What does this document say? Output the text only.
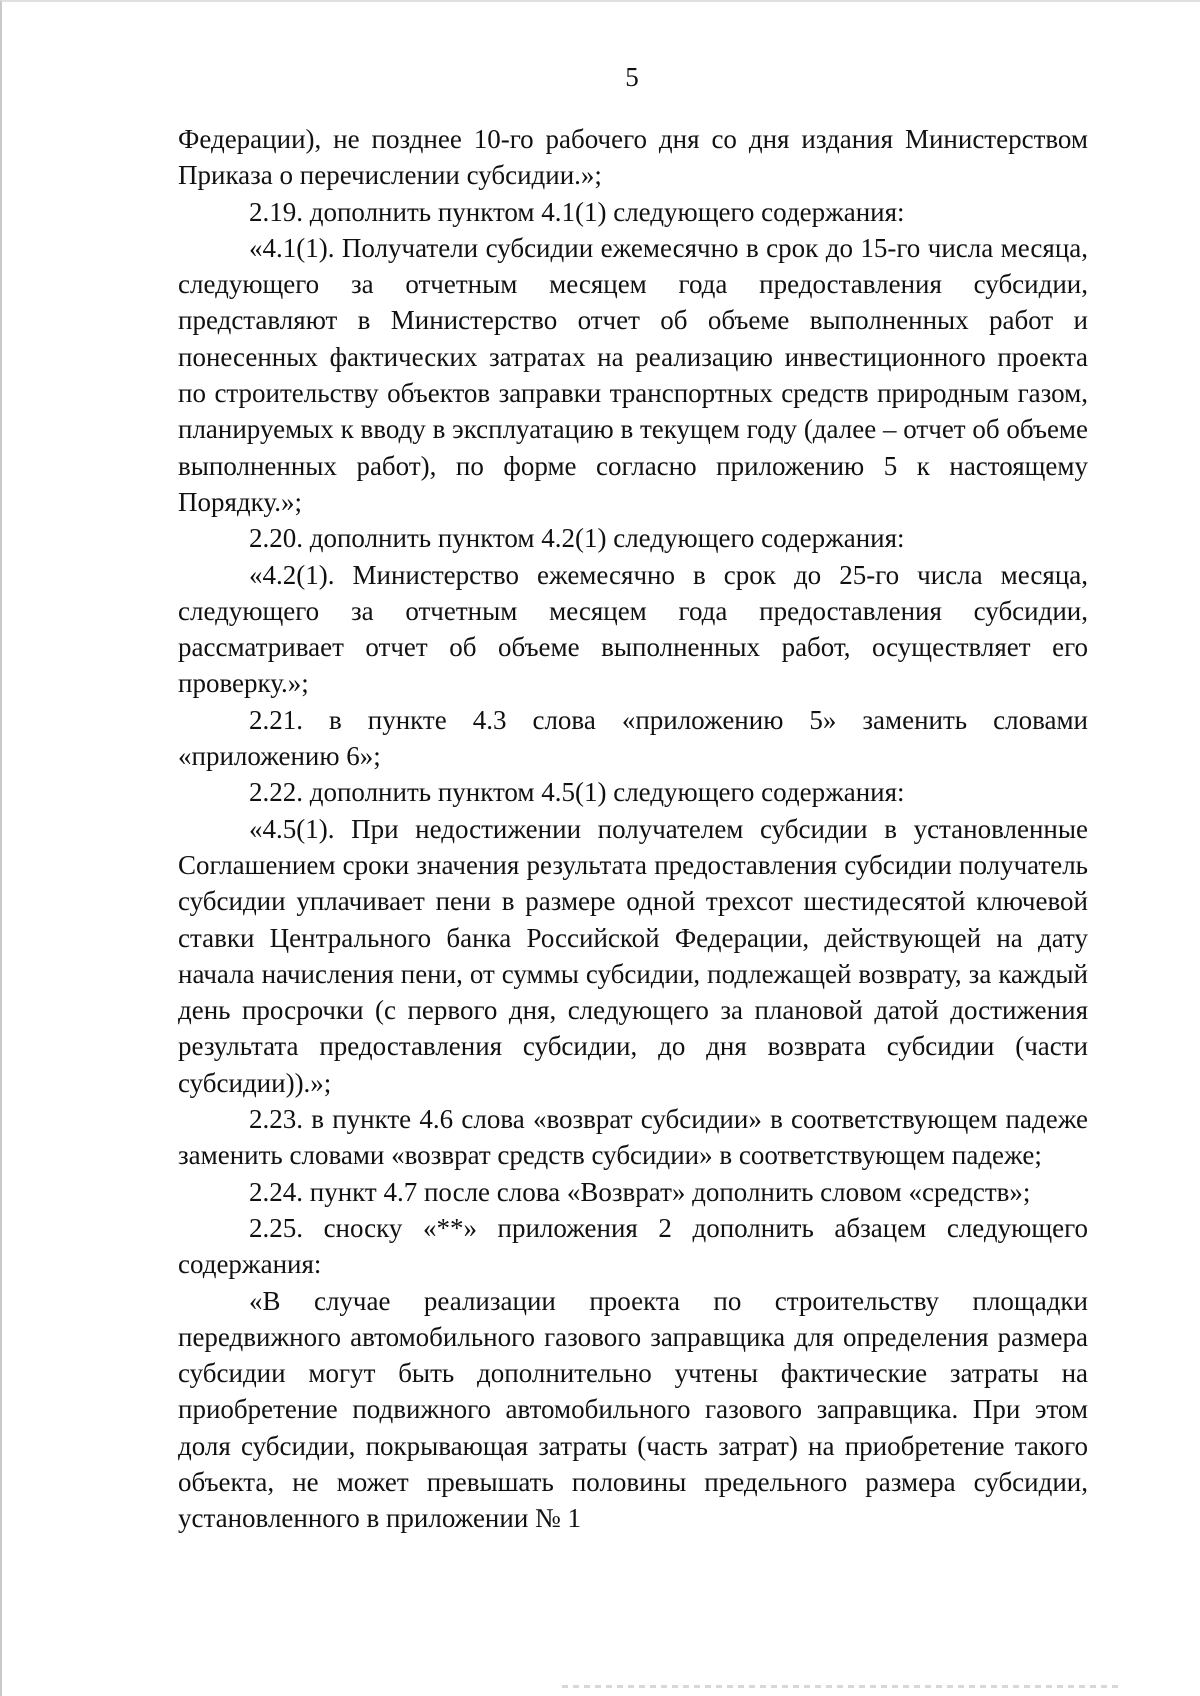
5

Федерации), не позднее 10-го рабочего дня со дня издания Министерством Приказа о перечислении субсидии.»;

2.19. дополнить пунктом 4.1(1) следующего содержания:

«4.1(1). Получатели субсидии ежемесячно в срок до 15-го числа месяца, следующего за отчетным месяцем года предоставления субсидии, представляют в Министерство отчет об объеме выполненных работ и понесенных фактических затратах на реализацию инвестиционного проекта по строительству объектов заправки транспортных средств природным газом, планируемых к вводу в эксплуатацию в текущем году (далее – отчет об объеме выполненных работ), по форме согласно приложению 5 к настоящему Порядку.»;

2.20. дополнить пунктом 4.2(1) следующего содержания:

«4.2(1). Министерство ежемесячно в срок до 25-го числа месяца, следующего за отчетным месяцем года предоставления субсидии, рассматривает отчет об объеме выполненных работ, осуществляет его проверку.»;

2.21. в пункте 4.3 слова «приложению 5» заменить словами «приложению 6»;

2.22. дополнить пунктом 4.5(1) следующего содержания:

«4.5(1). При недостижении получателем субсидии в установленные Соглашением сроки значения результата предоставления субсидии получатель субсидии уплачивает пени в размере одной трехсот шестидесятой ключевой ставки Центрального банка Российской Федерации, действующей на дату начала начисления пени, от суммы субсидии, подлежащей возврату, за каждый день просрочки (с первого дня, следующего за плановой датой достижения результата предоставления субсидии, до дня возврата субсидии (части субсидии)).»;

2.23. в пункте 4.6 слова «возврат субсидии» в соответствующем падеже заменить словами «возврат средств субсидии» в соответствующем падеже;

2.24. пункт 4.7 после слова «Возврат» дополнить словом «средств»;

2.25. сноску «**» приложения 2 дополнить абзацем следующего содержания:

«В случае реализации проекта по строительству площадки передвижного автомобильного газового заправщика для определения размера субсидии могут быть дополнительно учтены фактические затраты на приобретение подвижного автомобильного газового заправщика. При этом доля субсидии, покрывающая затраты (часть затрат) на приобретение такого объекта, не может превышать половины предельного размера субсидии, установленного в приложении № 1
